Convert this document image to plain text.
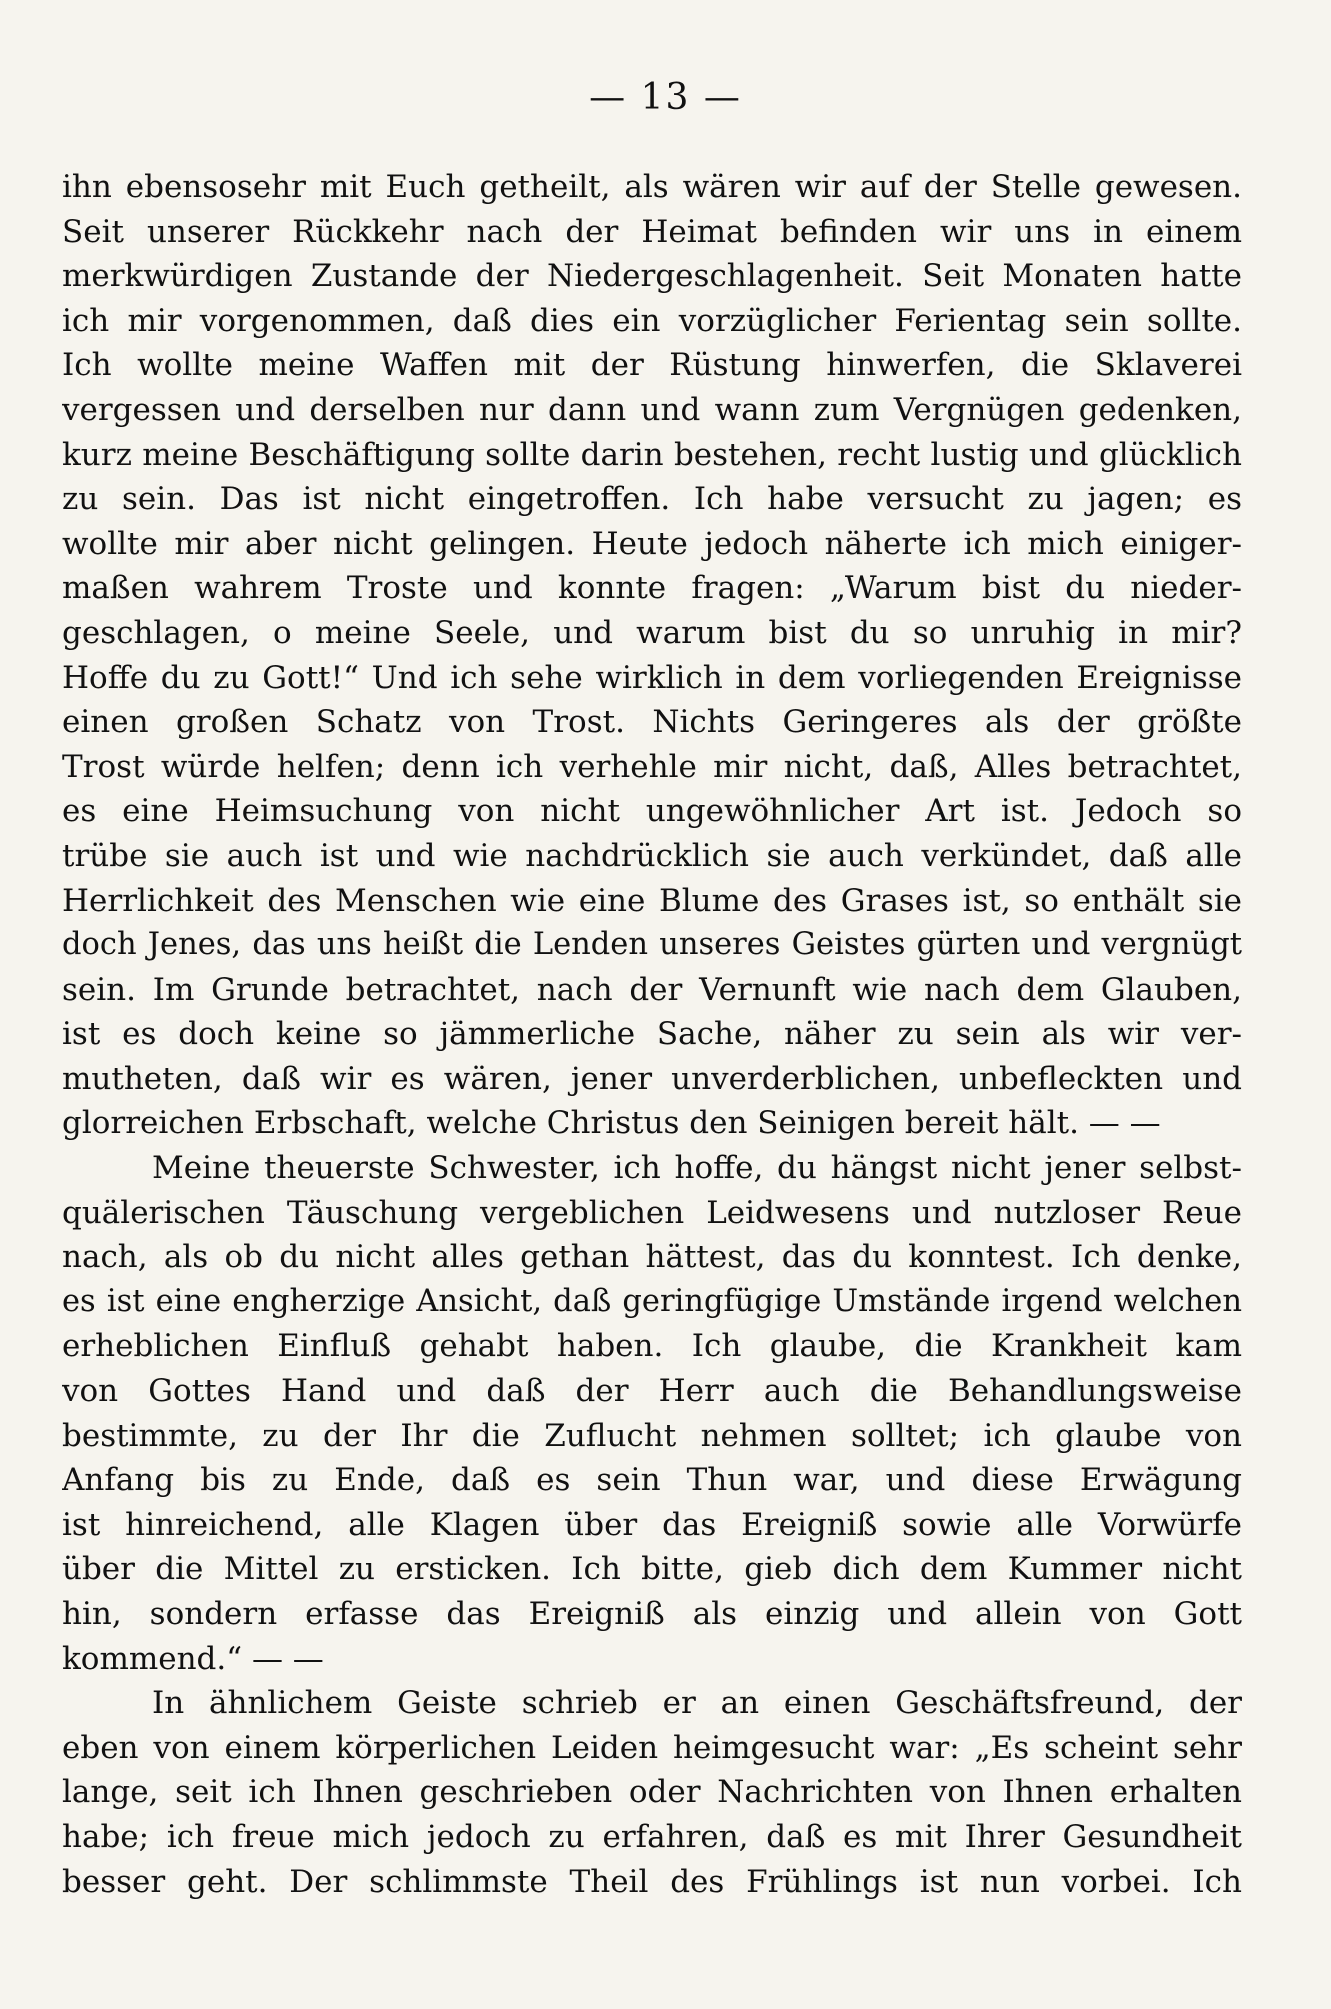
— 13 —
ihn ebensosehr mit Euch getheilt, als wären wir auf der Stelle gewesen.
Seit unserer Rückkehr nach der Heimat befinden wir uns in einem
merkwürdigen Zustande der Niedergeschlagenheit. Seit Monaten hatte
ich mir vorgenommen, daß dies ein vorzüglicher Ferientag sein sollte.
Ich wollte meine Waffen mit der Rüstung hinwerfen, die Sklaverei
vergessen und derselben nur dann und wann zum Vergnügen gedenken,
kurz meine Beschäftigung sollte darin bestehen, recht lustig und glücklich
zu sein. Das ist nicht eingetroffen. Ich habe versucht zu jagen; es
wollte mir aber nicht gelingen. Heute jedoch näherte ich mich einiger-
maßen wahrem Troste und konnte fragen: „Warum bist du nieder-
geschlagen, o meine Seele, und warum bist du so unruhig in mir?
Hoffe du zu Gott!“ Und ich sehe wirklich in dem vorliegenden Ereignisse
einen großen Schatz von Trost. Nichts Geringeres als der größte
Trost würde helfen; denn ich verhehle mir nicht, daß, Alles betrachtet,
es eine Heimsuchung von nicht ungewöhnlicher Art ist. Jedoch so
trübe sie auch ist und wie nachdrücklich sie auch verkündet, daß alle
Herrlichkeit des Menschen wie eine Blume des Grases ist, so enthält sie
doch Jenes, das uns heißt die Lenden unseres Geistes gürten und vergnügt
sein. Im Grunde betrachtet, nach der Vernunft wie nach dem Glauben,
ist es doch keine so jämmerliche Sache, näher zu sein als wir ver-
mutheten, daß wir es wären, jener unverderblichen, unbefleckten und
glorreichen Erbschaft, welche Christus den Seinigen bereit hält. — —
Meine theuerste Schwester, ich hoffe, du hängst nicht jener selbst-
quälerischen Täuschung vergeblichen Leidwesens und nutzloser Reue
nach, als ob du nicht alles gethan hättest, das du konntest. Ich denke,
es ist eine engherzige Ansicht, daß geringfügige Umstände irgend welchen
erheblichen Einfluß gehabt haben. Ich glaube, die Krankheit kam
von Gottes Hand und daß der Herr auch die Behandlungsweise
bestimmte, zu der Ihr die Zuflucht nehmen solltet; ich glaube von
Anfang bis zu Ende, daß es sein Thun war, und diese Erwägung
ist hinreichend, alle Klagen über das Ereigniß sowie alle Vorwürfe
über die Mittel zu ersticken. Ich bitte, gieb dich dem Kummer nicht
hin, sondern erfasse das Ereigniß als einzig und allein von Gott
kommend.“ — —
In ähnlichem Geiste schrieb er an einen Geschäftsfreund, der
eben von einem körperlichen Leiden heimgesucht war: „Es scheint sehr
lange, seit ich Ihnen geschrieben oder Nachrichten von Ihnen erhalten
habe; ich freue mich jedoch zu erfahren, daß es mit Ihrer Gesundheit
besser geht. Der schlimmste Theil des Frühlings ist nun vorbei. Ich
